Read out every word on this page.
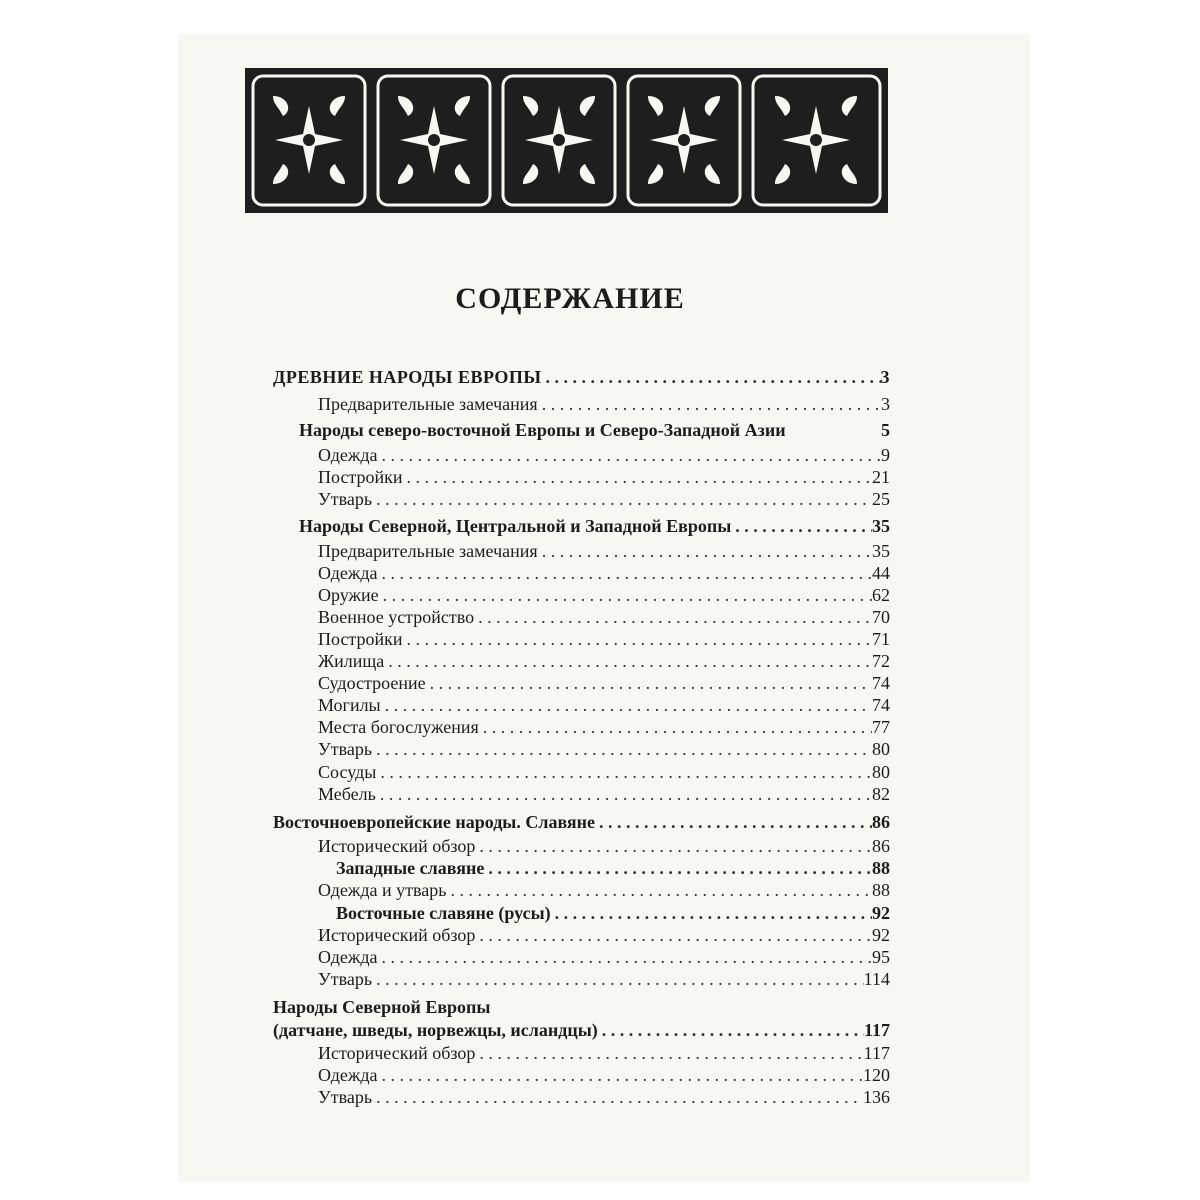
СОДЕРЖАНИЕ
ДРЕВНИЕ НАРОДЫ ЕВРОПЫ . . .	3
Предварительные замечания . . .	3
Народы северо-восточной Европы и Северо-Западной Азии	5
Одежда . . .	9
Постройки . . .	21
Утварь . . .	25
Народы Северной, Центральной и Западной Европы . . .	35
Предварительные замечания . . .	35
Одежда . . .	44
Оружие . . .	62
Военное устройство . . .	70
Постройки . . .	71
Жилища . . .	72
Судостроение . . .	74
Могилы . . .	74
Места богослужения . . .	77
Утварь . . .	80
Сосуды . . .	80
Мебель . . .	82
Восточноевропейские народы. Славяне . . .	86
Исторический обзор . . .	86
Западные славяне . . .	88
Одежда и утварь . . .	88
Восточные славяне (русы) . . .	92
Исторический обзор . . .	92
Одежда . . .	95
Утварь . . .	114
Народы Северной Европы
(датчане, шведы, норвежцы, исландцы) . . .	117
Исторический обзор . . .	117
Одежда . . .	120
Утварь . . .	136
